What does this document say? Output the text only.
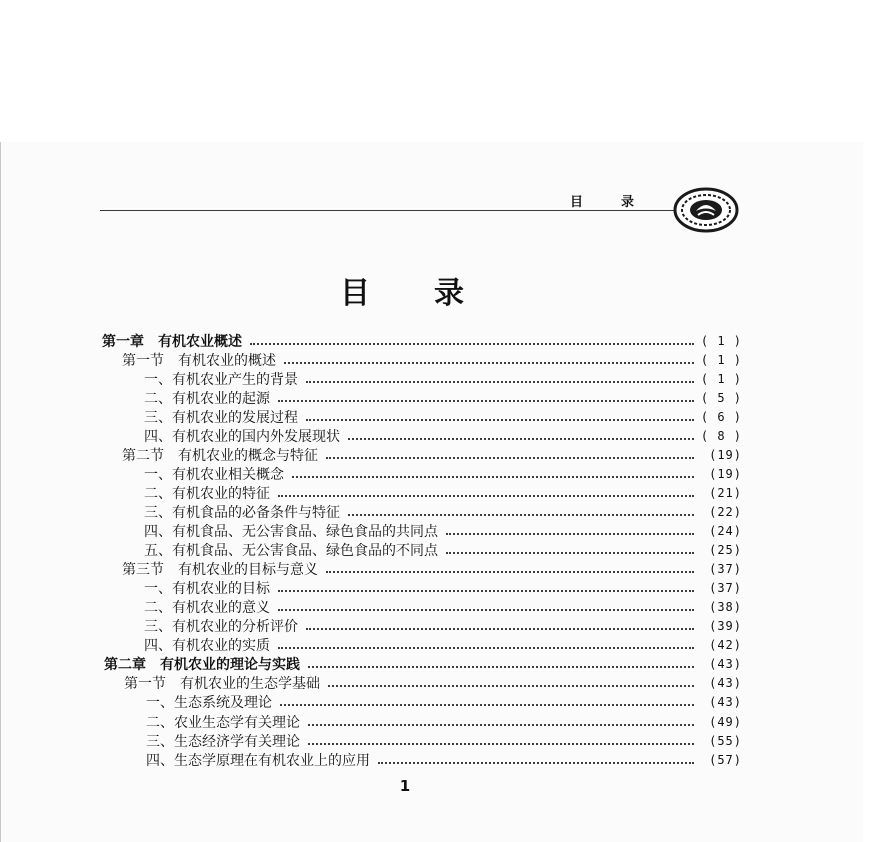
目录
目录
第一章　有机农业概述	( 1 )
第一节　有机农业的概述	( 1 )
一、有机农业产生的背景	( 1 )
二、有机农业的起源	( 5 )
三、有机农业的发展过程	( 6 )
四、有机农业的国内外发展现状	( 8 )
第二节　有机农业的概念与特征	(19)
一、有机农业相关概念	(19)
二、有机农业的特征	(21)
三、有机食品的必备条件与特征	(22)
四、有机食品、无公害食品、绿色食品的共同点	(24)
五、有机食品、无公害食品、绿色食品的不同点	(25)
第三节　有机农业的目标与意义	(37)
一、有机农业的目标	(37)
二、有机农业的意义	(38)
三、有机农业的分析评价	(39)
四、有机农业的实质	(42)
第二章　有机农业的理论与实践	(43)
第一节　有机农业的生态学基础	(43)
一、生态系统及理论	(43)
二、农业生态学有关理论	(49)
三、生态经济学有关理论	(55)
四、生态学原理在有机农业上的应用	(57)
1
